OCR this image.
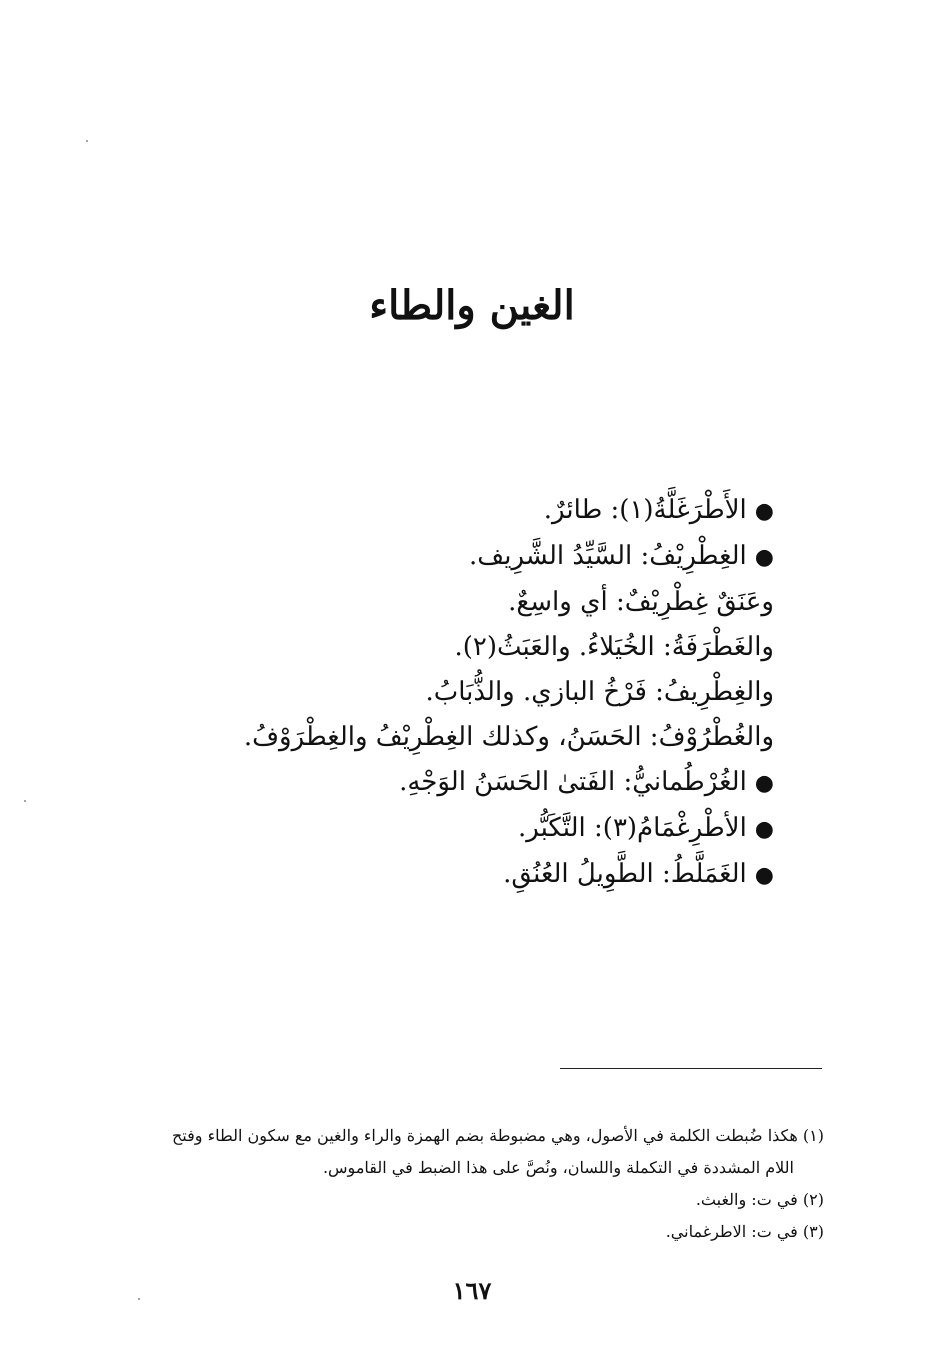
الغين والطاء
●الأَطْرَغَلَّةُ(١): طائرٌ.
●الغِطْرِيْفُ: السَّيِّدُ الشَّرِيف.
وعَنَقٌ غِطْرِيْفٌ: أي واسِعٌ.
والغَطْرَفَةُ: الخُيَلاءُ. والعَبَثُ(٢).
والغِطْرِيفُ: فَرْخُ البازي. والذُّبَابُ.
والغُطْرُوْفُ: الحَسَنُ، وكذلك الغِطْرِيْفُ والغِطْرَوْفُ.
●الغُرْطُمانيُّ: الفَتىٰ الحَسَنُ الوَجْهِ.
●الأطْرِغْمَامُ(٣): التَّكَبُّر.
●الغَمَلَّطُ: الطَّوِيلُ العُنُقِ.
(١) هكذا ضُبطت الكلمة في الأصول، وهي مضبوطة بضم الهمزة والراء والغين مع سكون الطاء وفتح
اللام المشددة في التكملة واللسان، ونُصَّ على هذا الضبط في القاموس.
(٢) في ت: والغبث.
(٣) في ت: الاطرغماني.
١٦٧
